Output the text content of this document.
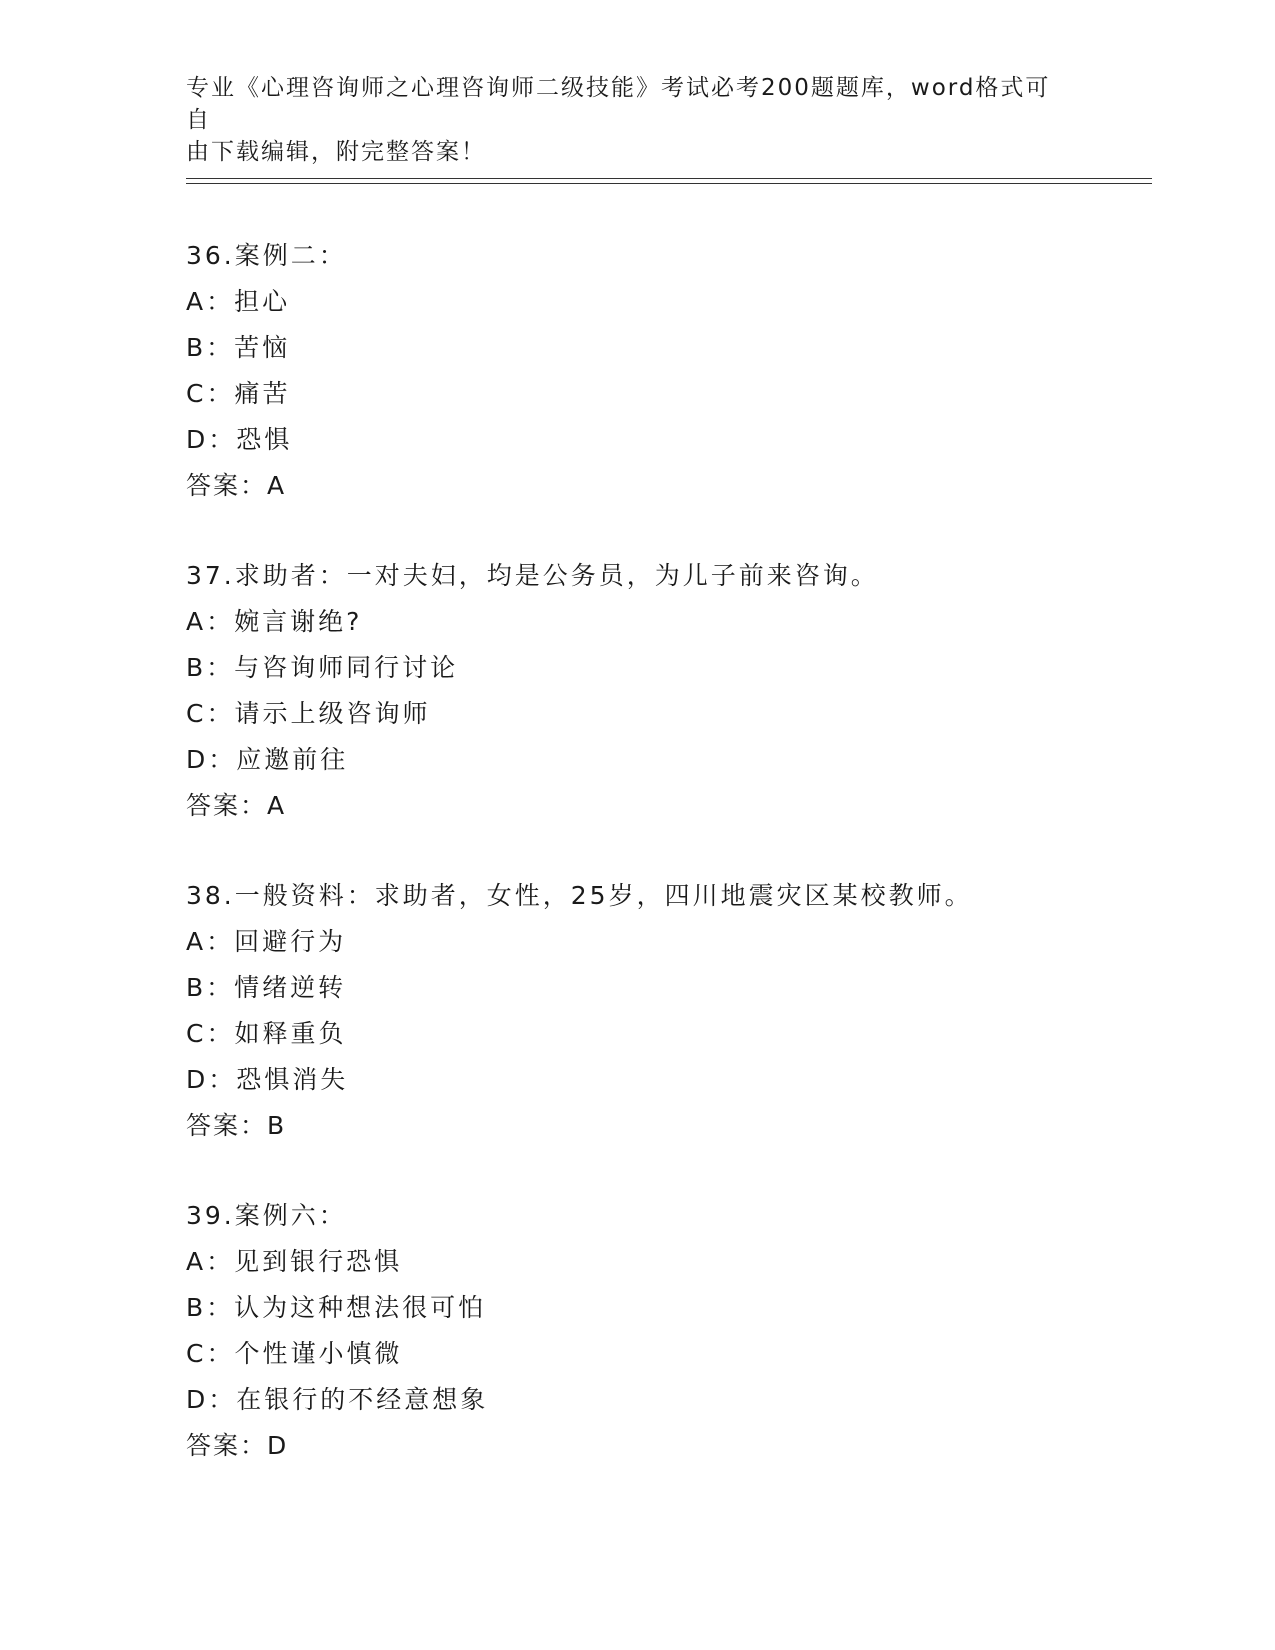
专业《心理咨询师之心理咨询师二级技能》考试必考200题题库，word格式可自
由下载编辑，附完整答案！
36.案例二：
A：担心
B：苦恼
C：痛苦
D：恐惧
答案：A
37.求助者：一对夫妇，均是公务员，为儿子前来咨询。
A：婉言谢绝?
B：与咨询师同行讨论
C：请示上级咨询师
D：应邀前往
答案：A
38.一般资料：求助者，女性，25岁，四川地震灾区某校教师。
A：回避行为
B：情绪逆转
C：如释重负
D：恐惧消失
答案：B
39.案例六：
A：见到银行恐惧
B：认为这种想法很可怕
C：个性谨小慎微
D：在银行的不经意想象
答案：D
